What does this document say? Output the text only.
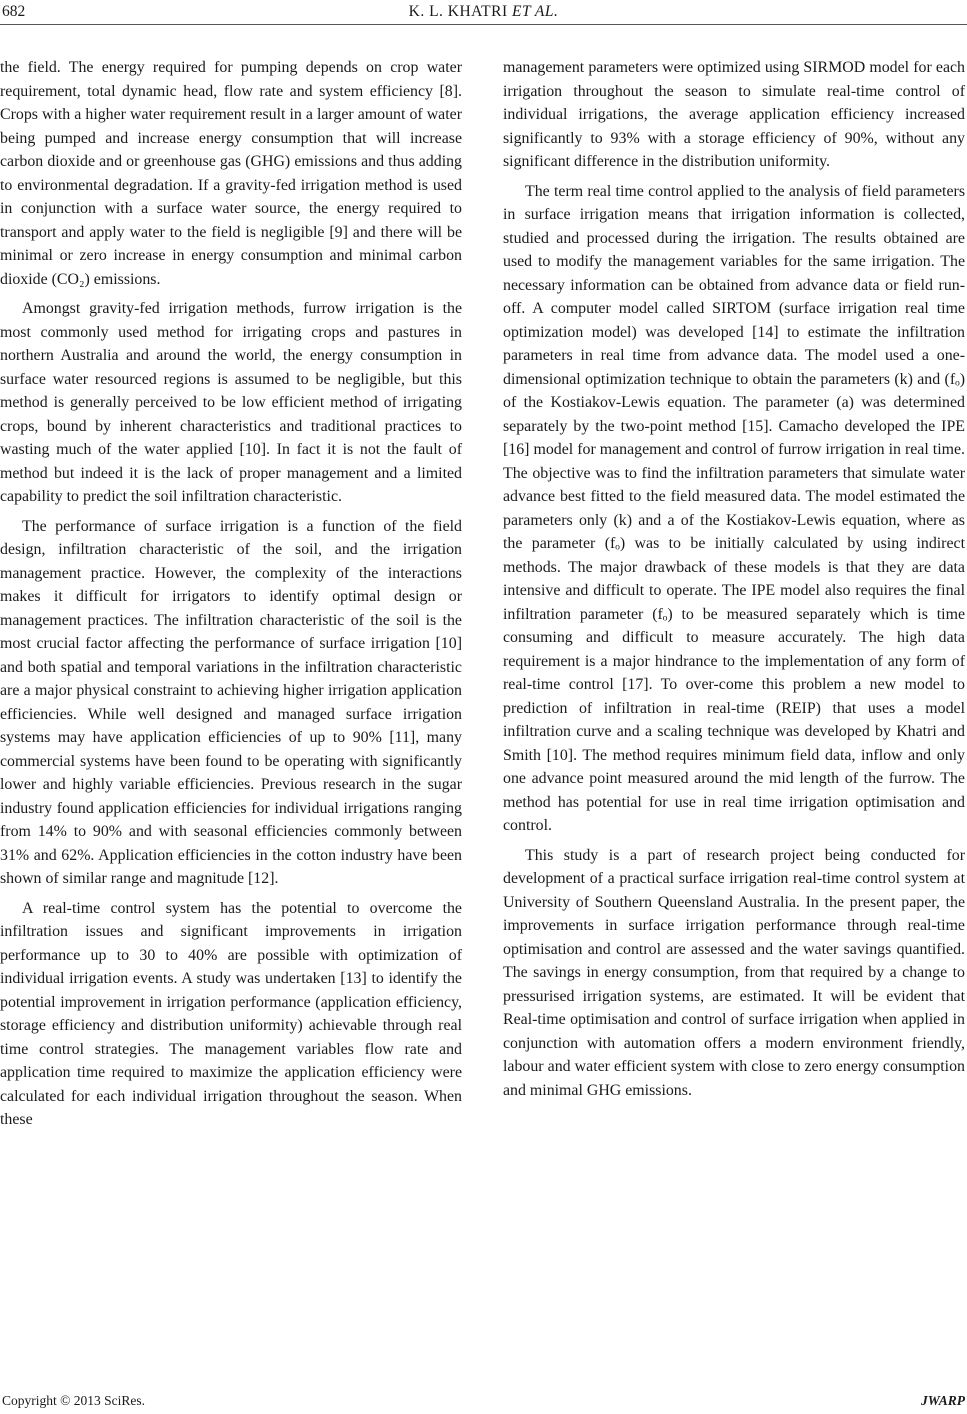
682	K. L. KHATRI ET AL.

the field. The energy required for pumping depends on crop water requirement, total dynamic head, flow rate and system efficiency [8]. Crops with a higher water requirement result in a larger amount of water being pumped and increase energy consumption that will increase carbon dioxide and or greenhouse gas (GHG) emissions and thus adding to environmental degradation. If a gravity-fed irrigation method is used in conjunction with a surface water source, the energy required to transport and apply water to the field is negligible [9] and there will be minimal or zero increase in energy consumption and minimal carbon dioxide (CO₂) emissions.

Amongst gravity-fed irrigation methods, furrow irrigation is the most commonly used method for irrigating crops and pastures in northern Australia and around the world, the energy consumption in surface water resourced regions is assumed to be negligible, but this method is generally perceived to be low efficient method of irrigating crops, bound by inherent characteristics and traditional practices to wasting much of the water applied [10]. In fact it is not the fault of method but indeed it is the lack of proper management and a limited capability to predict the soil infiltration characteristic.

The performance of surface irrigation is a function of the field design, infiltration characteristic of the soil, and the irrigation management practice. However, the complexity of the interactions makes it difficult for irrigators to identify optimal design or management practices. The infiltration characteristic of the soil is the most crucial factor affecting the performance of surface irrigation [10] and both spatial and temporal variations in the infiltration characteristic are a major physical constraint to achieving higher irrigation application efficiencies. While well designed and managed surface irrigation systems may have application efficiencies of up to 90% [11], many commercial systems have been found to be operating with significantly lower and highly variable efficiencies. Previous research in the sugar industry found application efficiencies for individual irrigations ranging from 14% to 90% and with seasonal efficiencies commonly between 31% and 62%. Application efficiencies in the cotton industry have been shown of similar range and magnitude [12].

A real-time control system has the potential to overcome the infiltration issues and significant improvements in irrigation performance up to 30 to 40% are possible with optimization of individual irrigation events. A study was undertaken [13] to identify the potential improvement in irrigation performance (application efficiency, storage efficiency and distribution uniformity) achievable through real time control strategies. The management variables flow rate and application time required to maximize the application efficiency were calculated for each individual irrigation throughout the season. When these

management parameters were optimized using SIRMOD model for each irrigation throughout the season to simulate real-time control of individual irrigations, the average application efficiency increased significantly to 93% with a storage efficiency of 90%, without any significant difference in the distribution uniformity.

The term real time control applied to the analysis of field parameters in surface irrigation means that irrigation information is collected, studied and processed during the irrigation. The results obtained are used to modify the management variables for the same irrigation. The necessary information can be obtained from advance data or field run-off. A computer model called SIRTOM (surface irrigation real time optimization model) was developed [14] to estimate the infiltration parameters in real time from advance data. The model used a one-dimensional optimization technique to obtain the parameters (k) and (fₒ) of the Kostiakov-Lewis equation. The parameter (a) was determined separately by the two-point method [15]. Camacho developed the IPE [16] model for management and control of furrow irrigation in real time. The objective was to find the infiltration parameters that simulate water advance best fitted to the field measured data. The model estimated the parameters only (k) and a of the Kostiakov-Lewis equation, where as the parameter (fₒ) was to be initially calculated by using indirect methods. The major drawback of these models is that they are data intensive and difficult to operate. The IPE model also requires the final infiltration parameter (fₒ) to be measured separately which is time consuming and difficult to measure accurately. The high data requirement is a major hindrance to the implementation of any form of real-time control [17]. To over-come this problem a new model to prediction of infiltration in real-time (REIP) that uses a model infiltration curve and a scaling technique was developed by Khatri and Smith [10]. The method requires minimum field data, inflow and only one advance point measured around the mid length of the furrow. The method has potential for use in real time irrigation optimisation and control.

This study is a part of research project being conducted for development of a practical surface irrigation real-time control system at University of Southern Queensland Australia. In the present paper, the improvements in surface irrigation performance through real-time optimisation and control are assessed and the water savings quantified. The savings in energy consumption, from that required by a change to pressurised irrigation systems, are estimated. It will be evident that Real-time optimisation and control of surface irrigation when applied in conjunction with automation offers a modern environment friendly, labour and water efficient system with close to zero energy consumption and minimal GHG emissions.

Copyright © 2013 SciRes.	JWARP
